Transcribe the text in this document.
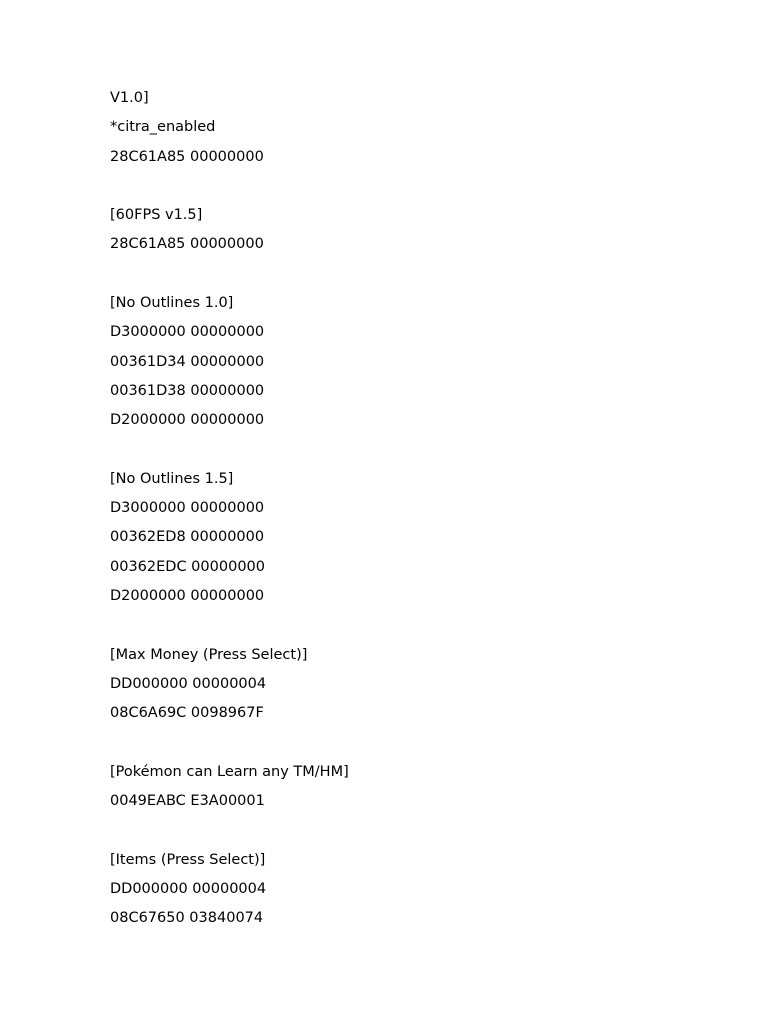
V1.0]
*citra_enabled
28C61A85 00000000
[60FPS v1.5]
28C61A85 00000000
[No Outlines 1.0]
D3000000 00000000
00361D34 00000000
00361D38 00000000
D2000000 00000000
[No Outlines 1.5]
D3000000 00000000
00362ED8 00000000
00362EDC 00000000
D2000000 00000000
[Max Money (Press Select)]
DD000000 00000004
08C6A69C 0098967F
[Pokémon can Learn any TM/HM]
0049EABC E3A00001
[Items (Press Select)]
DD000000 00000004
08C67650 03840074
